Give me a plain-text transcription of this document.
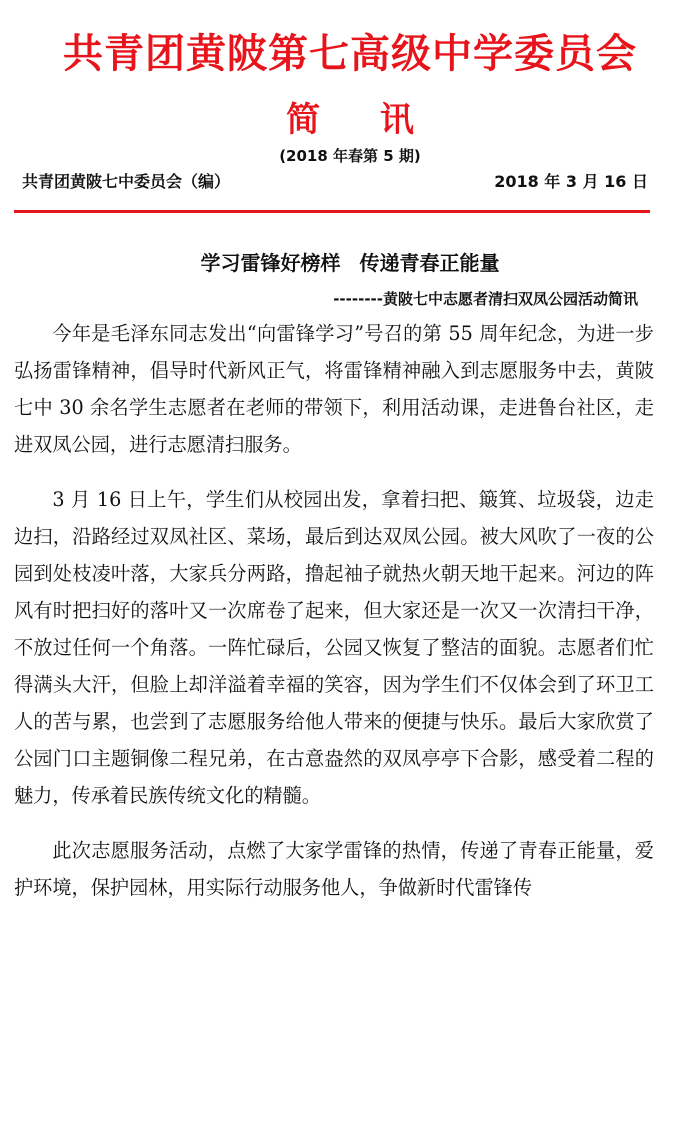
共青团黄陂第七高级中学委员会
简 讯
(2018 年春第 5 期)
共青团黄陂七中委员会（编）	2018 年 3 月 16 日
学习雷锋好榜样 传递青春正能量
--------黄陂七中志愿者清扫双凤公园活动简讯

今年是毛泽东同志发出“向雷锋学习”号召的第 55 周年纪念，为进一步弘扬雷锋精神，倡导时代新风正气，将雷锋精神融入到志愿服务中去，黄陂七中 30 余名学生志愿者在老师的带领下，利用活动课，走进鲁台社区，走进双凤公园，进行志愿清扫服务。

3 月 16 日上午，学生们从校园出发，拿着扫把、簸箕、垃圾袋，边走边扫，沿路经过双凤社区、菜场，最后到达双凤公园。被大风吹了一夜的公园到处枝凌叶落，大家兵分两路，撸起袖子就热火朝天地干起来。河边的阵风有时把扫好的落叶又一次席卷了起来，但大家还是一次又一次清扫干净，不放过任何一个角落。一阵忙碌后，公园又恢复了整洁的面貌。志愿者们忙得满头大汗，但脸上却洋溢着幸福的笑容，因为学生们不仅体会到了环卫工人的苦与累，也尝到了志愿服务给他人带来的便捷与快乐。最后大家欣赏了公园门口主题铜像二程兄弟，在古意盎然的双凤亭亭下合影，感受着二程的魅力，传承着民族传统文化的精髓。

此次志愿服务活动，点燃了大家学雷锋的热情，传递了青春正能量，爱护环境，保护园林，用实际行动服务他人，争做新时代雷锋传
